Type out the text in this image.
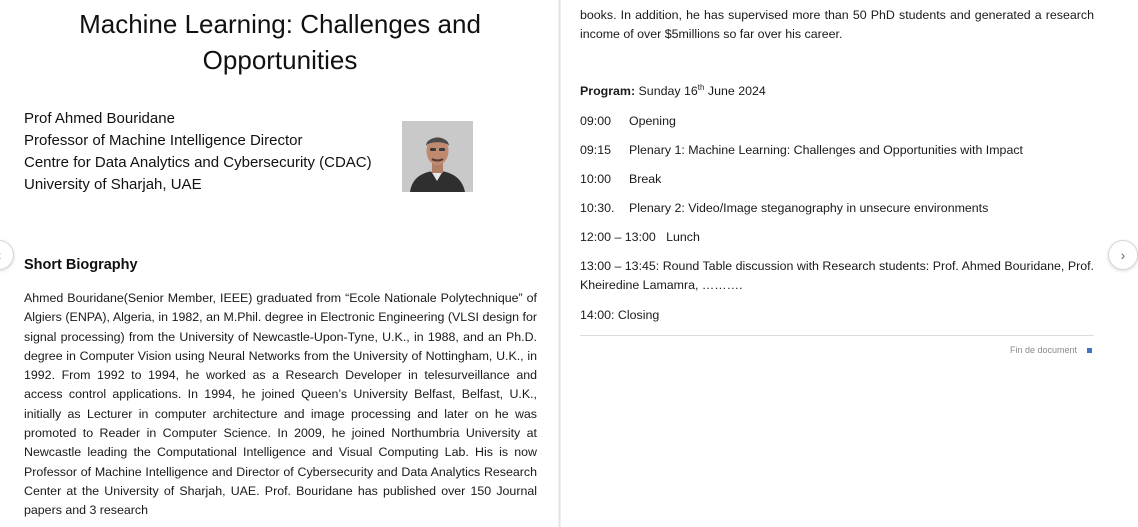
Machine Learning: Challenges and Opportunities
Prof Ahmed Bouridane
Professor of Machine Intelligence Director
Centre for Data Analytics and Cybersecurity (CDAC)
University of Sharjah, UAE
Short Biography

Ahmed Bouridane(Senior Member, IEEE) graduated from “Ecole Nationale Polytechnique” of Algiers (ENPA), Algeria, in 1982, an M.Phil. degree in Electronic Engineering (VLSI design for signal processing) from the University of Newcastle-Upon-Tyne, U.K., in 1988, and an Ph.D. degree in Computer Vision using Neural Networks from the University of Nottingham, U.K., in 1992. From 1992 to 1994, he worked as a Research Developer in telesurveillance and access control applications. In 1994, he joined Queen’s University Belfast, Belfast, U.K., initially as Lecturer in computer architecture and image processing and later on he was promoted to Reader in Computer Science. In 2009, he joined Northumbria University at Newcastle leading the Computational Intelligence and Visual Computing Lab. His is now Professor of Machine Intelligence and Director of Cybersecurity and Data Analytics Research Center at the University of Sharjah, UAE. Prof. Bouridane has published over 150 Journal papers and 3 research

books. In addition, he has supervised more than 50 PhD students and generated a research income of over $5millions so far over his career.

Program: Sunday 16th June 2024
09:00 Opening
09:15 Plenary 1: Machine Learning: Challenges and Opportunities with Impact
10:00 Break
10:30. Plenary 2: Video/Image steganography in unsecure environments
12:00 – 13:00 Lunch
13:00 – 13:45: Round Table discussion with Research students: Prof. Ahmed Bouridane, Prof. Kheiredine Lamamra, ……….
14:00: Closing
Fin de document
›
